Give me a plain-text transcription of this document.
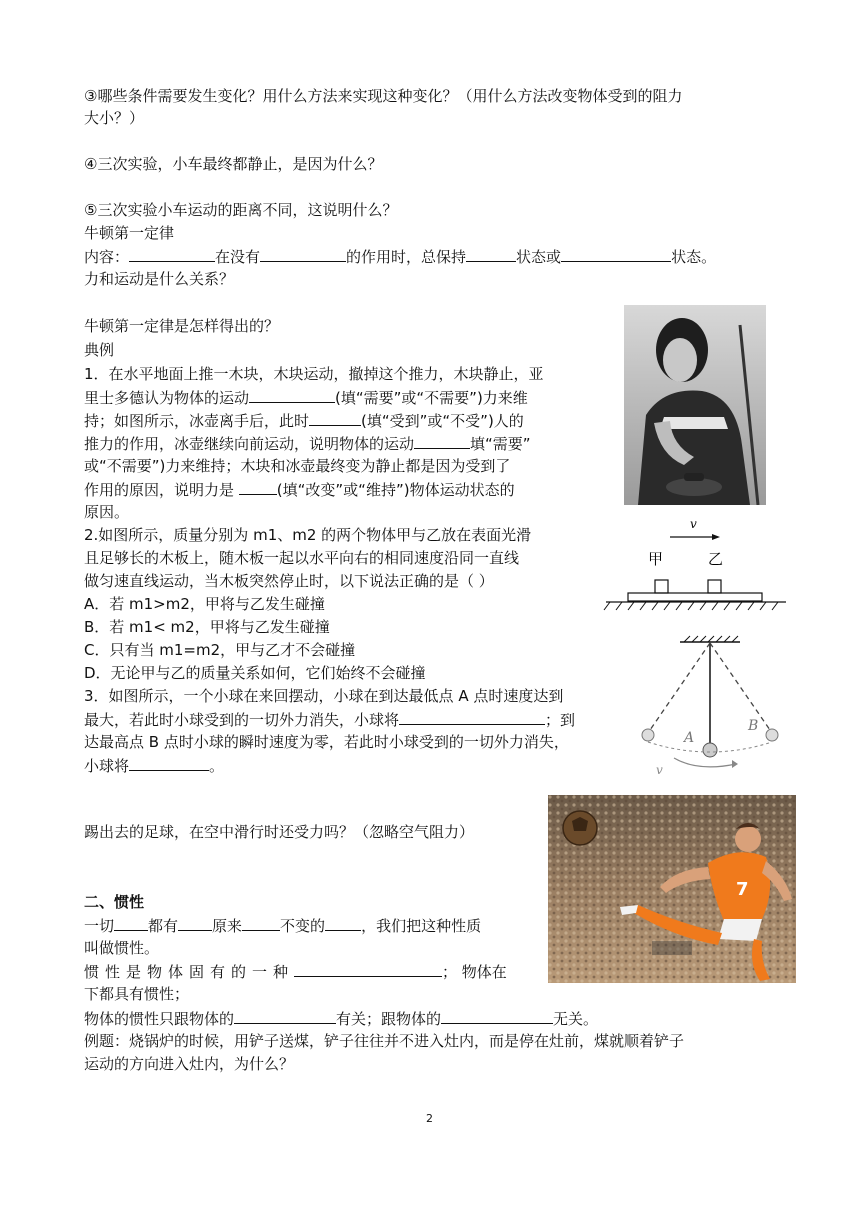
③哪些条件需要发生变化？用什么方法来实现这种变化？（用什么方法改变物体受到的阻力
大小？）
④三次实验，小车最终都静止，是因为什么？
⑤三次实验小车运动的距离不同，这说明什么？
牛顿第一定律
内容：	在没有	的作用时，总保持	状态或	状态。
力和运动是什么关系？
牛顿第一定律是怎样得出的？
典例
1．在水平地面上推一木块，木块运动，撤掉这个推力，木块静止，亚
里士多德认为物体的运动	(填“需要”或“不需要”)力来维
持；如图所示，冰壶离手后，此时	(填“受到”或“不受”)人的
推力的作用，冰壶继续向前运动，说明物体的运动	填“需要”
或“不需要”)力来维持；木块和冰壶最终变为静止都是因为受到了
作用的原因，说明力是	(填“改变”或“维持”)物体运动状态的
原因。
2.如图所示，质量分别为 m1、m2 的两个物体甲与乙放在表面光滑
且足够长的木板上，随木板一起以水平向右的相同速度沿同一直线
做匀速直线运动，当木板突然停止时，以下说法正确的是（ ）
A．若 m1>m2，甲将与乙发生碰撞
B．若 m1< m2，甲将与乙发生碰撞
C．只有当 m1=m2，甲与乙才不会碰撞
D．无论甲与乙的质量关系如何，它们始终不会碰撞
3．如图所示，一个小球在来回摆动，小球在到达最低点 A 点时速度达到
最大，若此时小球受到的一切外力消失，小球将	；到
达最高点 B 点时小球的瞬时速度为零，若此时小球受到的一切外力消失，
小球将	。
踢出去的足球，在空中滑行时还受力吗？（忽略空气阻力）
二、惯性
一切 都有 原来	不变的 ，我们把这种性质
叫做惯性。
惯性是物体固有的一种	； 物体在
下都具有惯性；
物体的惯性只跟物体的	有关；跟物体的	无关。
例题：烧锅炉的时候，用铲子送煤，铲子往往并不进入灶内，而是停在灶前，煤就顺着铲子
运动的方向进入灶内，为什么？
2
v
甲	乙
A
B
v
7
